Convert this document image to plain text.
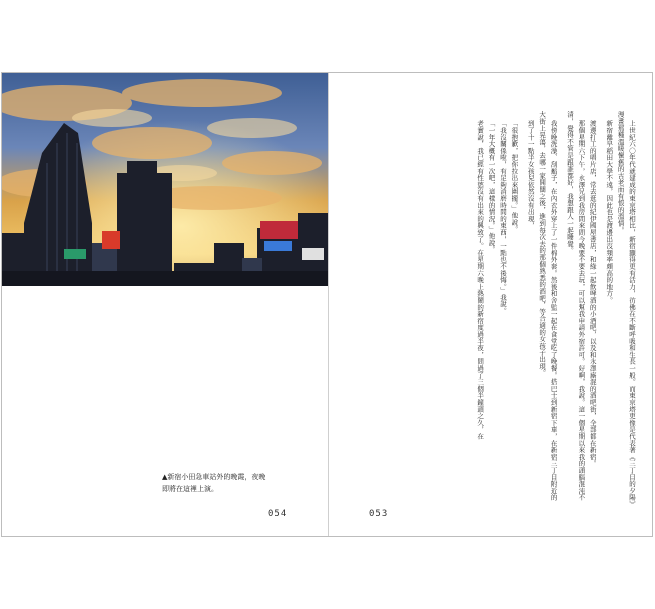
▲新宿小田急車站外的晚霞，夜晚
即將在這裡上演。
054

上世紀六〇年代就建成的東京塔相比，新宿顯得更有活力，彷佛在不斷呼吸和生長一般。而東京塔更像是代表著《三丁目的夕陽》漫畫那種溫暖懷舊的古老而有悵的溫情。

新宿離早稻田大學不遠，因此也是渡邊出沒頻率頗高的地方。

渡邊打工的唱片店，常去逛的紀伊國屋書店，和綠一起飲啤酒的小酒吧，以及和永澤廝混的酒吧街，全部都在新宿。

那個星期六下午，永澤兄到我房間來問今晚要不要去玩，可以幫我申請外宿許可。好啊，我說。這一個星期以來我的頭腦混沌不清，覺得不管是跟誰都好，我想跟人一起睡覺。

我傍晚洗澡、刮鬍子，在內衣外穿上了一件棉外套。然後和舍監一起在食堂吃了晚餐。搭巴士到新宿下車，在新宿三丁目附近的大街上晃蕩，去哪一家開闊之後，進到每次去的那個熟悉的酒吧，等合適的女孩子出現。

到了十一點半女孩兒依然沒有出現，

「很抱歉，把你拉出來圍攏。」他說。

「我沒關係啦，有足夠消磨時間的東西，一點也不後悔。」我說。

「一年大概有一次吧，這樣的情況。」他說。

老實說，我已經有性慾沒有出來的興致了。在星期六晚上熱鬧的新宿度過半夜，問過了三個半鐘頭之久，在

053
